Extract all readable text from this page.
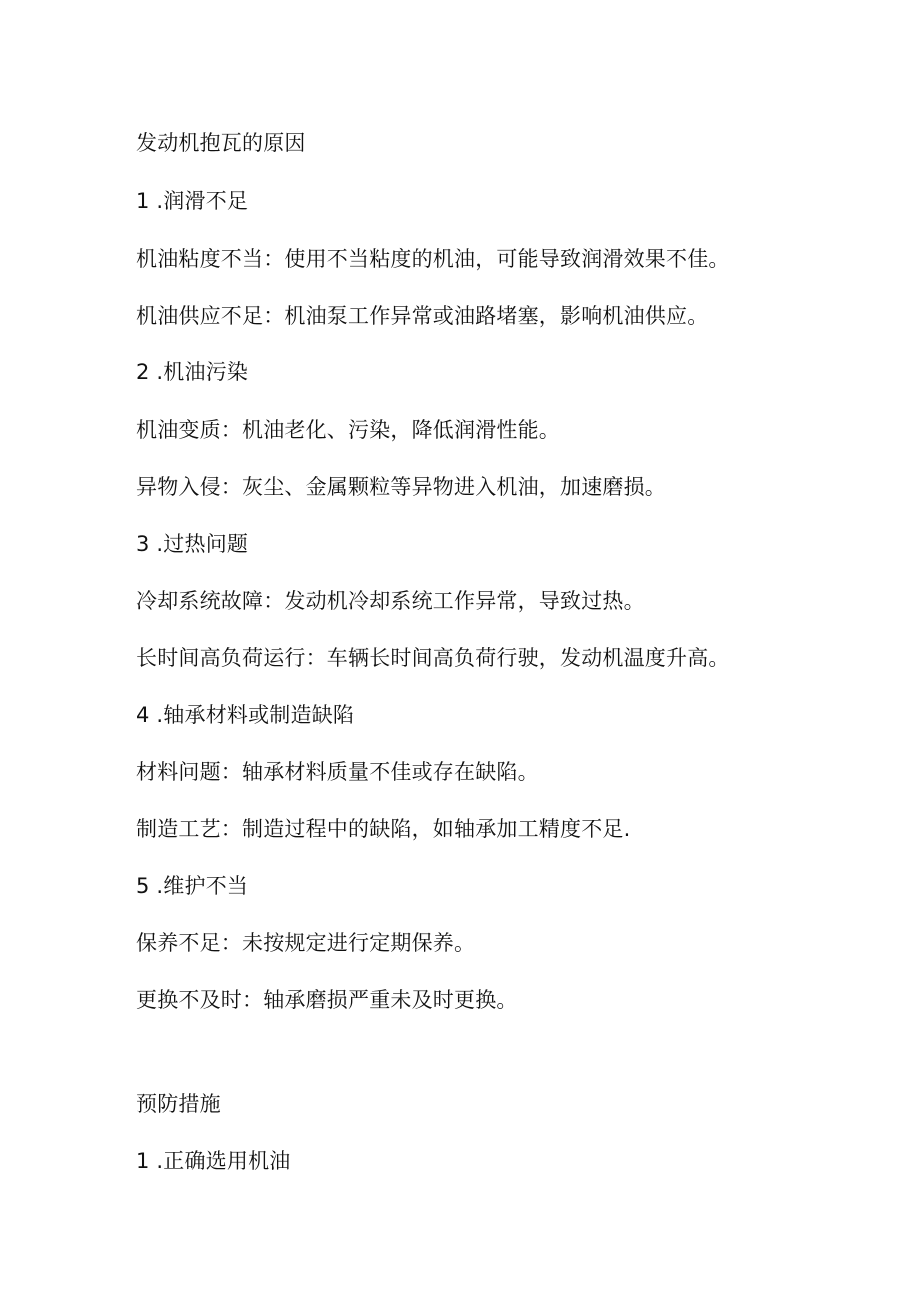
发动机抱瓦的原因
1 .润滑不足
机油粘度不当：使用不当粘度的机油，可能导致润滑效果不佳。
机油供应不足：机油泵工作异常或油路堵塞，影响机油供应。
2 .机油污染
机油变质：机油老化、污染，降低润滑性能。
异物入侵：灰尘、金属颗粒等异物进入机油，加速磨损。
3 .过热问题
冷却系统故障：发动机冷却系统工作异常，导致过热。
长时间高负荷运行：车辆长时间高负荷行驶，发动机温度升高。
4 .轴承材料或制造缺陷
材料问题：轴承材料质量不佳或存在缺陷。
制造工艺：制造过程中的缺陷，如轴承加工精度不足.
5 .维护不当
保养不足：未按规定进行定期保养。
更换不及时：轴承磨损严重未及时更换。
预防措施
1 .正确选用机油
